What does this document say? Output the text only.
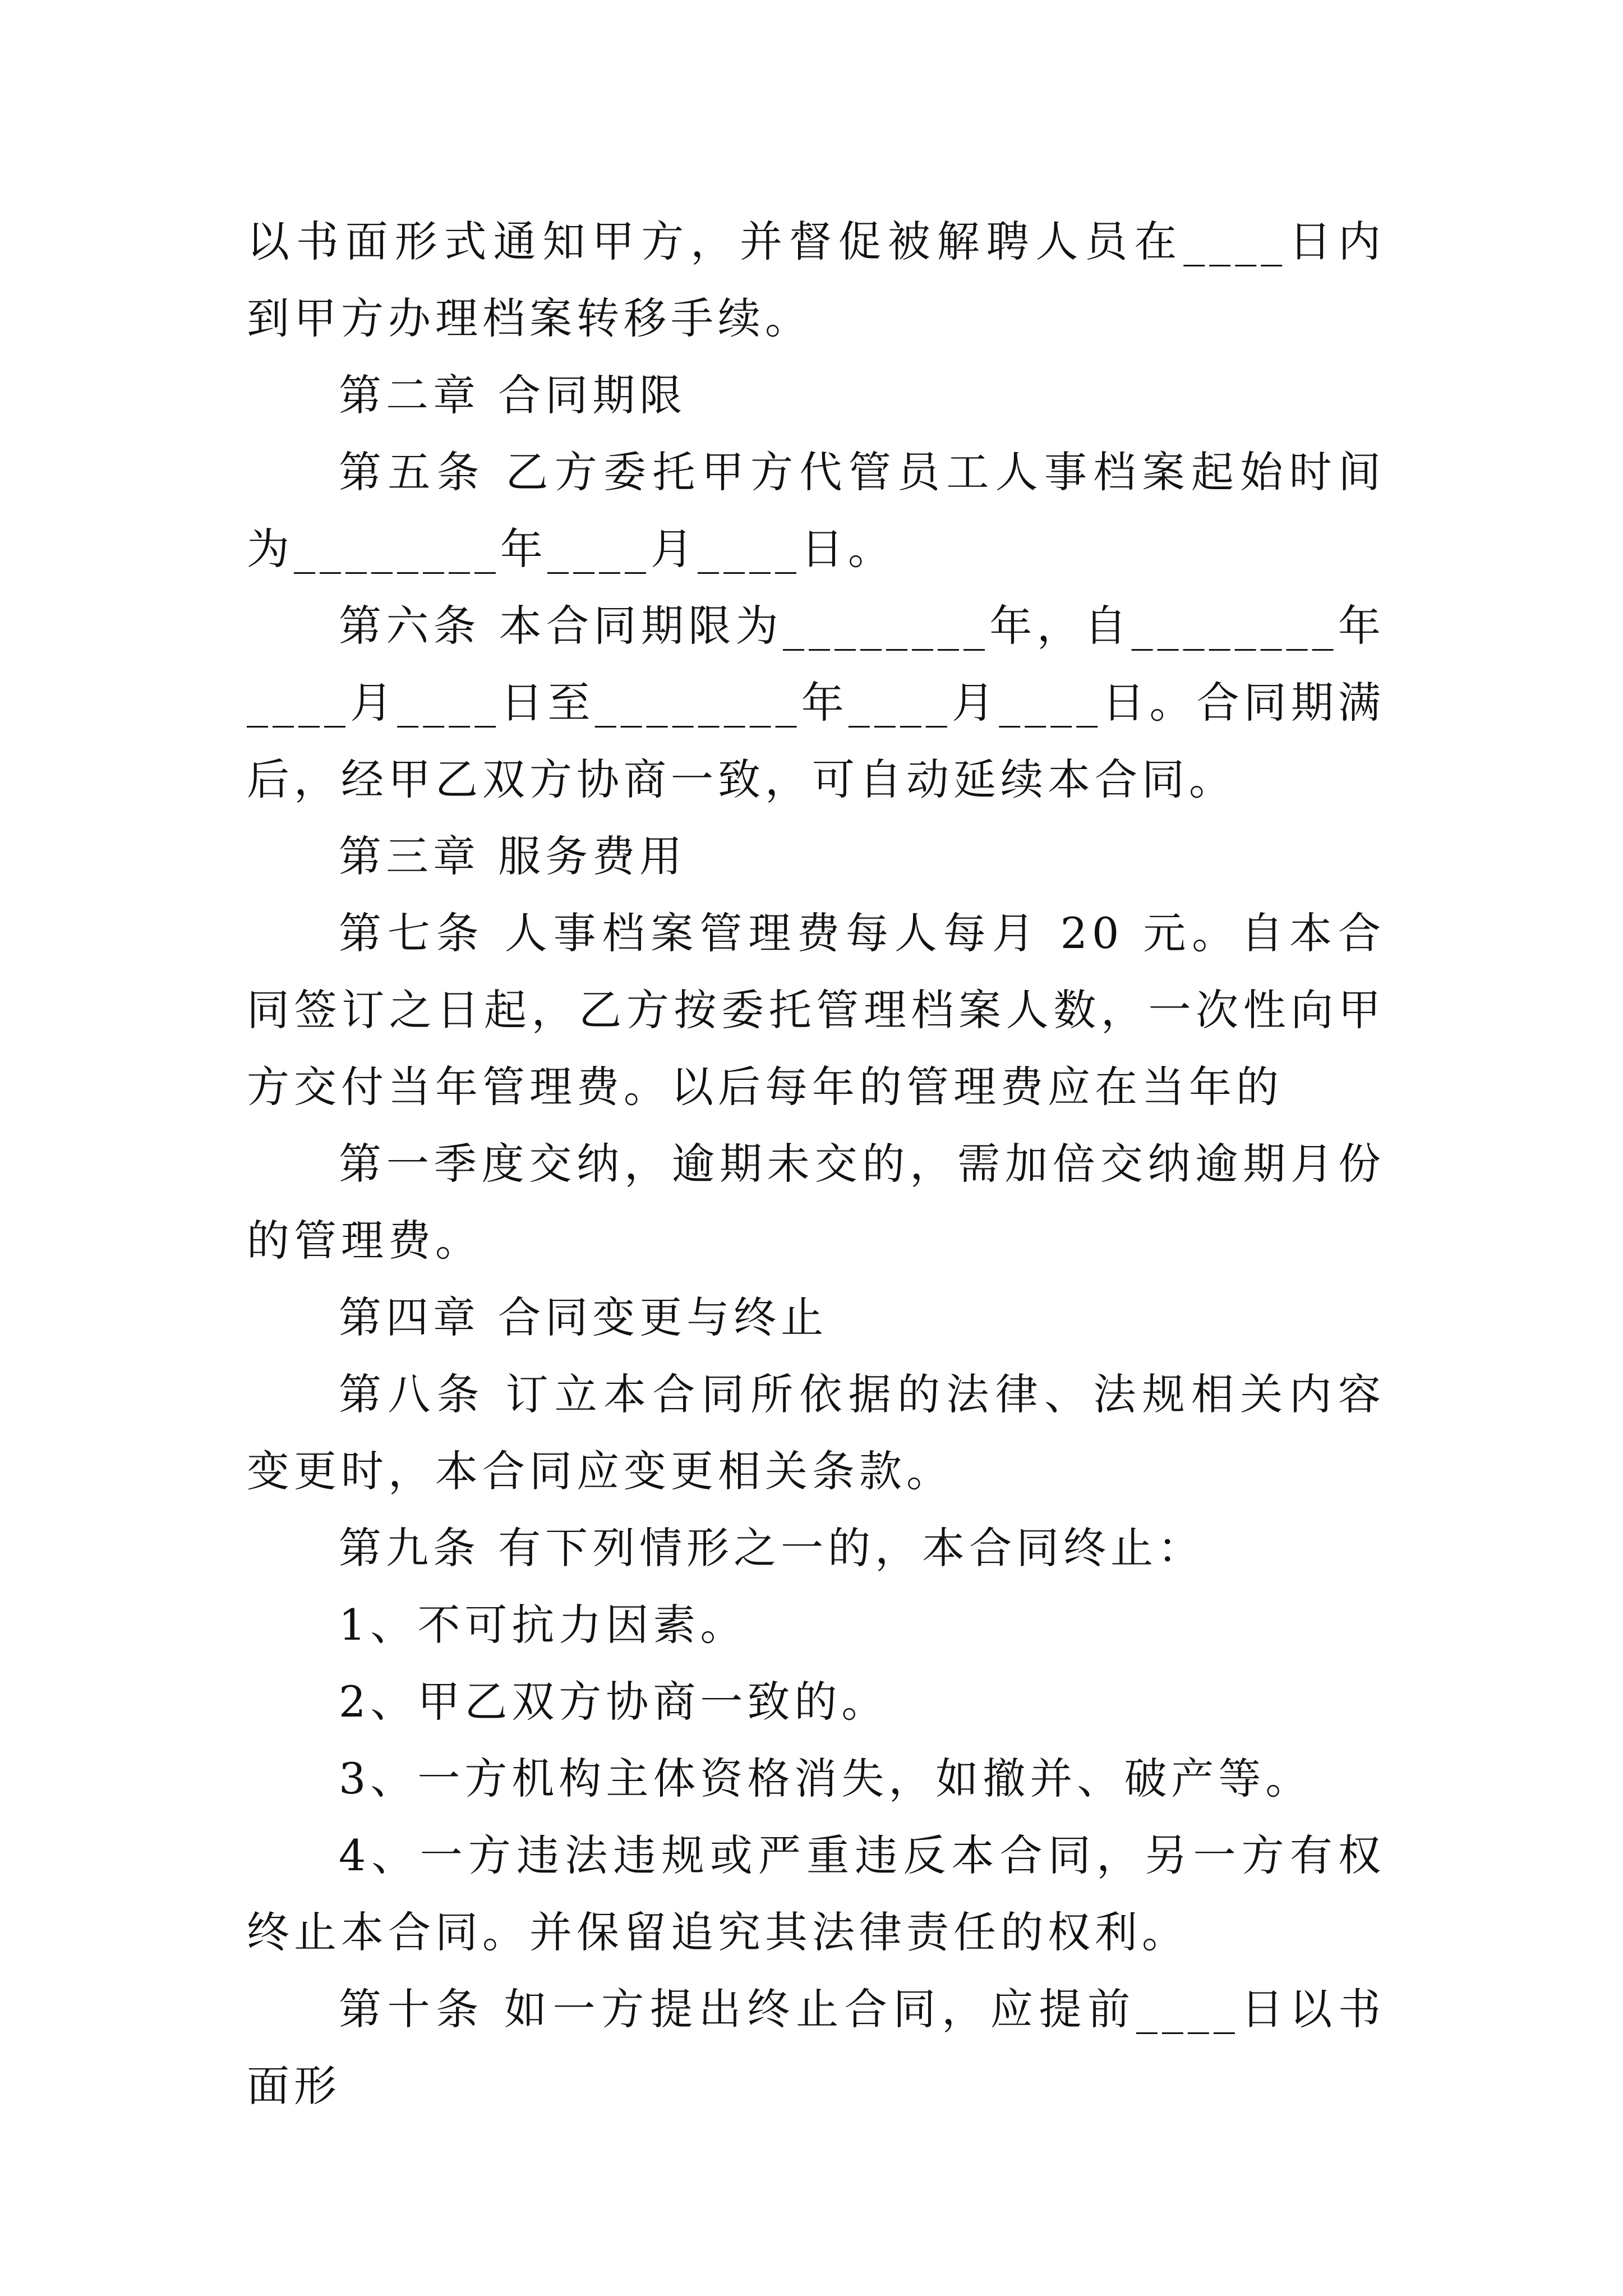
以书面形式通知甲方，并督促被解聘人员在____日内到甲方办理档案转移手续。

第二章 合同期限

第五条 乙方委托甲方代管员工人事档案起始时间为________年____月____日。

第六条 本合同期限为________年，自________年____月____日至________年____月____日。合同期满后，经甲乙双方协商一致，可自动延续本合同。

第三章 服务费用

第七条 人事档案管理费每人每月 20 元。自本合同签订之日起，乙方按委托管理档案人数，一次性向甲方交付当年管理费。以后每年的管理费应在当年的

第一季度交纳，逾期未交的，需加倍交纳逾期月份的管理费。

第四章 合同变更与终止

第八条 订立本合同所依据的法律、法规相关内容变更时，本合同应变更相关条款。

第九条 有下列情形之一的，本合同终止：

1、不可抗力因素。

2、甲乙双方协商一致的。

3、一方机构主体资格消失，如撤并、破产等。

4、一方违法违规或严重违反本合同，另一方有权终止本合同。并保留追究其法律责任的权利。

第十条 如一方提出终止合同，应提前____日以书面形
